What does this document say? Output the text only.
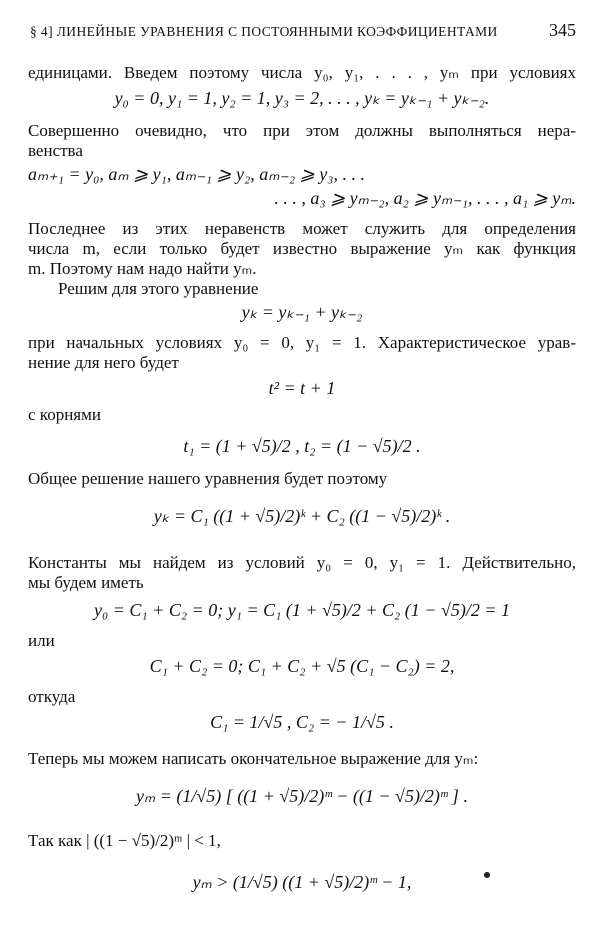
§ 4] ЛИНЕЙНЫЕ УРАВНЕНИЯ С ПОСТОЯННЫМИ КОЭФФИЦИЕНТАМИ	345
единицами. Введем поэтому числа y₀, y₁, . . . , yₘ при условиях
y₀ = 0, y₁ = 1, y₂ = 1, y₃ = 2, . . . , yₖ = yₖ₋₁ + yₖ₋₂.
Совершенно очевидно, что при этом должны выполняться нера-
венства
aₘ₊₁ = y₀, aₘ ⩾ y₁, aₘ₋₁ ⩾ y₂, aₘ₋₂ ⩾ y₃, . . .
. . . , a₃ ⩾ yₘ₋₂, a₂ ⩾ yₘ₋₁, . . . , a₁ ⩾ yₘ.
Последнее из этих неравенств может служить для определения
числа m, если только будет известно выражение yₘ как функция
m. Поэтому нам надо найти yₘ.
Решим для этого уравнение
yₖ = yₖ₋₁ + yₖ₋₂
при начальных условиях y₀ = 0, y₁ = 1. Характеристическое урав-
нение для него будет
t² = t + 1
с корнями
t₁ = (1 + √5)/2 , t₂ = (1 − √5)/2 .
Общее решение нашего уравнения будет поэтому
yₖ = C₁ ((1 + √5)/2)ᵏ + C₂ ((1 − √5)/2)ᵏ .
Константы мы найдем из условий y₀ = 0, y₁ = 1. Действительно,
мы будем иметь
y₀ = C₁ + C₂ = 0; y₁ = C₁ (1 + √5)/2 + C₂ (1 − √5)/2 = 1
или
C₁ + C₂ = 0; C₁ + C₂ + √5 (C₁ − C₂) = 2,
откуда
C₁ = 1/√5 , C₂ = − 1/√5 .
Теперь мы можем написать окончательное выражение для yₘ:
yₘ = (1/√5) [ ((1 + √5)/2)ᵐ − ((1 − √5)/2)ᵐ ] .
Так как | ((1 − √5)/2)ᵐ | < 1,
yₘ > (1/√5) ((1 + √5)/2)ᵐ − 1,
